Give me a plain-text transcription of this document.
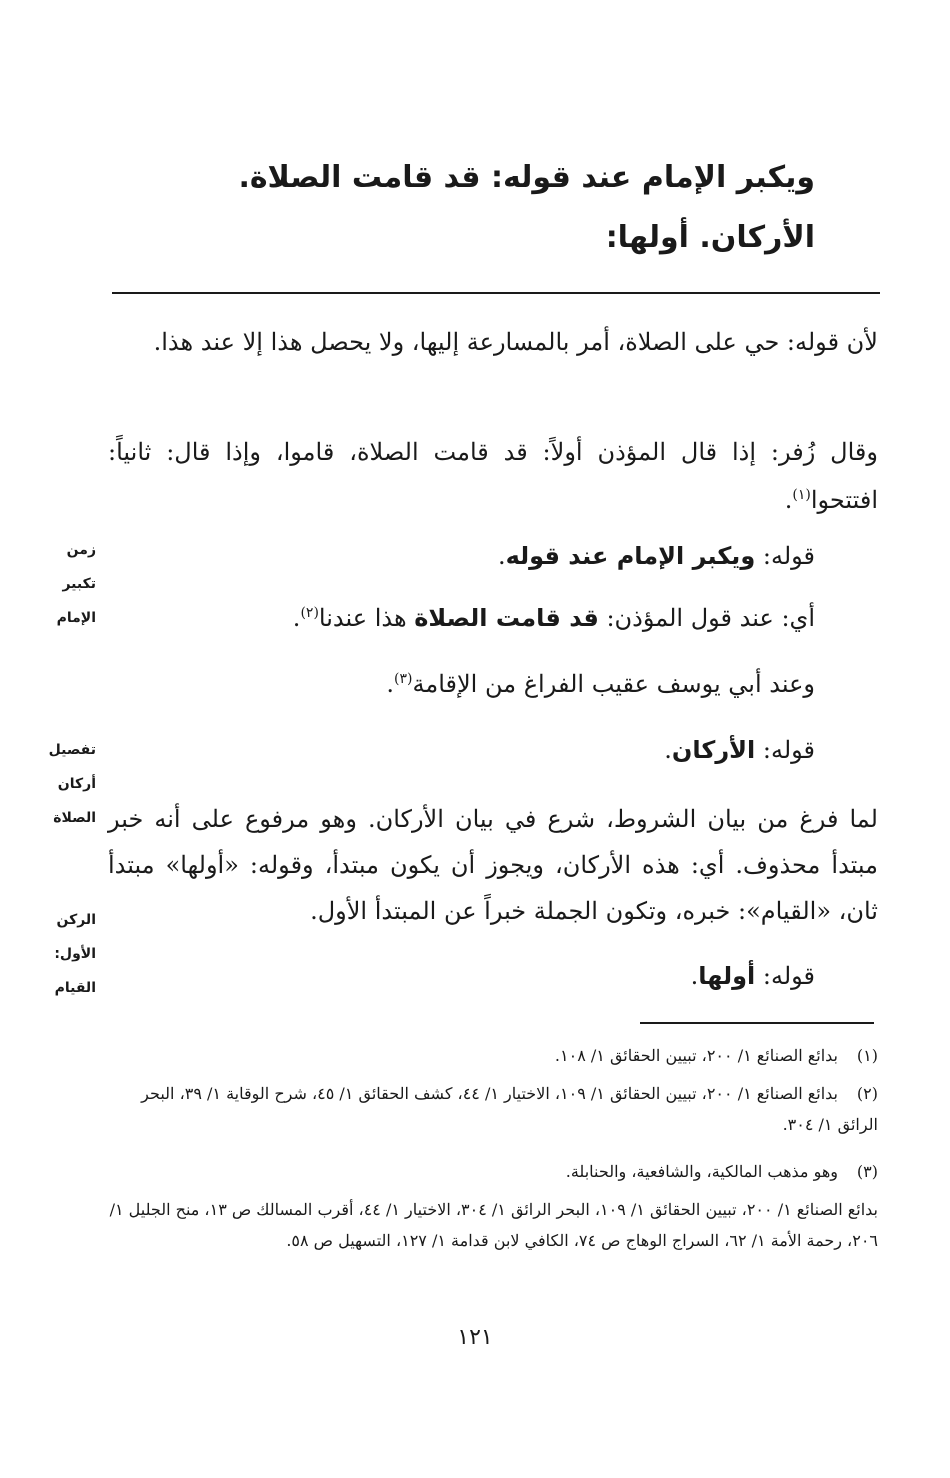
ويكبر الإمام عند قوله: قد قامت الصلاة.
الأركان. أولها:
لأن قوله: حي على الصلاة، أمر بالمسارعة إليها، ولا يحصل هذا إلا عند هذا.
وقال زُفر: إذا قال المؤذن أولاً: قد قامت الصلاة، قاموا، وإذا قال: ثانياً: افتتحوا$^{(١)}$.
قوله: ويكبر الإمام عند قوله.
أي: عند قول المؤذن: قد قامت الصلاة هذا عندنا$^{(٢)}$.
وعند أبي يوسف عقيب الفراغ من الإقامة$^{(٣)}$.
قوله: الأركان.
لما فرغ من بيان الشروط، شرع في بيان الأركان. وهو مرفوع على أنه خبر مبتدأ محذوف. أي: هذه الأركان، ويجوز أن يكون مبتدأ، وقوله: «أولها» مبتدأ ثان، «القيام»: خبره، وتكون الجملة خبراً عن المبتدأ الأول.
قوله: أولها.
زمن
تكبير
الإمام
تفصيل
أركان
الصلاة
الركن
الأول:
القيام
(١)بدائع الصنائع ١/ ٢٠٠، تبيين الحقائق ١/ ١٠٨.
(٢)بدائع الصنائع ١/ ٢٠٠، تبيين الحقائق ١/ ١٠٩، الاختيار ١/ ٤٤، كشف الحقائق ١/ ٤٥، شرح الوقاية ١/ ٣٩، البحر الرائق ١/ ٣٠٤.
(٣)وهو مذهب المالكية، والشافعية، والحنابلة.
بدائع الصنائع ١/ ٢٠٠، تبيين الحقائق ١/ ١٠٩، البحر الرائق ١/ ٣٠٤، الاختيار ١/ ٤٤، أقرب المسالك ص ١٣، منح الجليل ١/ ٢٠٦، رحمة الأمة ١/ ٦٢، السراج الوهاج ص ٧٤، الكافي لابن قدامة ١/ ١٢٧، التسهيل ص ٥٨.
١٢١
